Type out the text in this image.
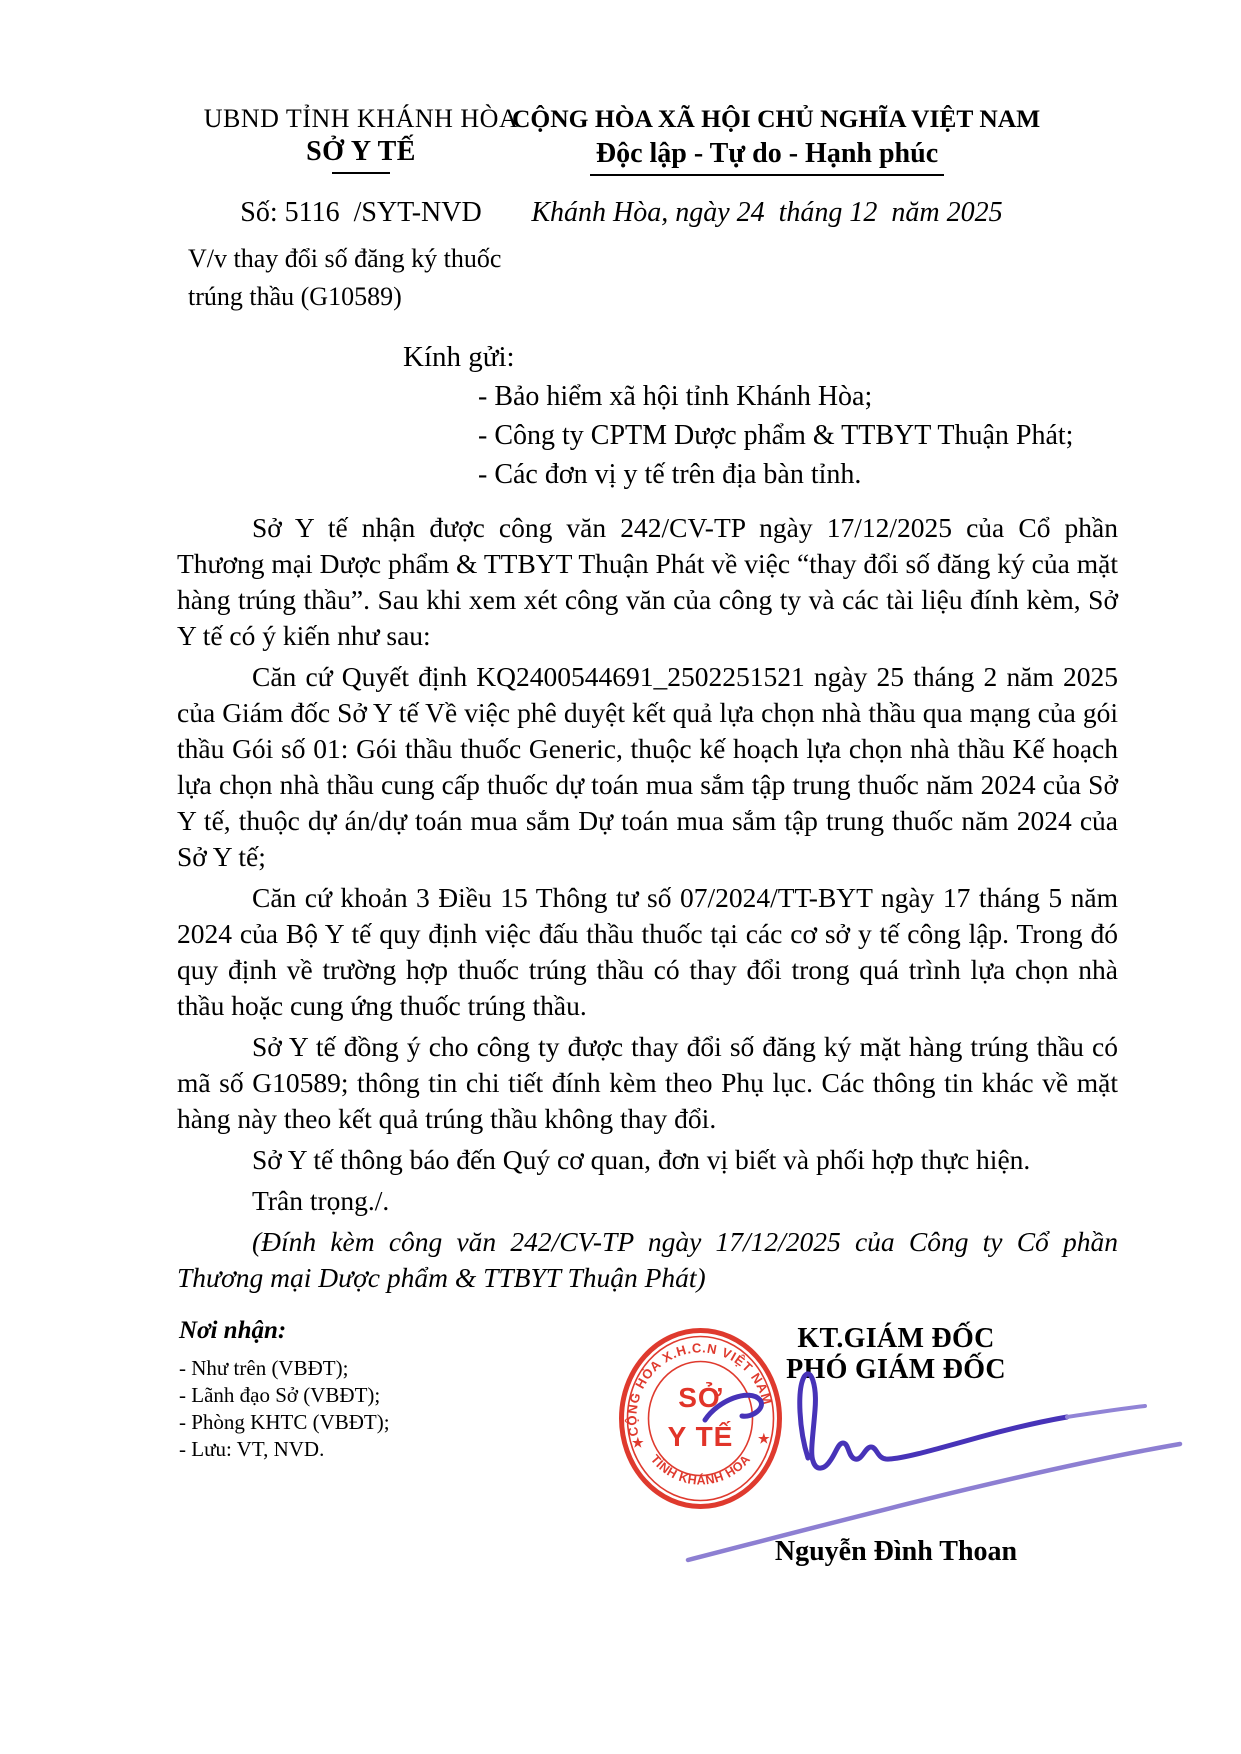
UBND TỈNH KHÁNH HÒA
SỞ Y TẾ
Số: 5116  /SYT-NVD
V/v thay đổi số đăng ký thuốc trúng thầu (G10589)
CỘNG HÒA XÃ HỘI CHỦ NGHĨA VIỆT NAM
Độc lập - Tự do - Hạnh phúc
Khánh Hòa, ngày 24  tháng 12  năm 2025
Kính gửi:
- Bảo hiểm xã hội tỉnh Khánh Hòa;
- Công ty CPTM Dược phẩm & TTBYT Thuận Phát;
- Các đơn vị y tế trên địa bàn tỉnh.

Sở Y tế nhận được công văn 242/CV-TP ngày 17/12/2025 của Cổ phần Thương mại Dược phẩm & TTBYT Thuận Phát về việc “thay đổi số đăng ký của mặt hàng trúng thầu”. Sau khi xem xét công văn của công ty và các tài liệu đính kèm, Sở Y tế có ý kiến như sau:

Căn cứ Quyết định KQ2400544691_2502251521 ngày 25 tháng 2 năm 2025 của Giám đốc Sở Y tế Về việc phê duyệt kết quả lựa chọn nhà thầu qua mạng của gói thầu Gói số 01: Gói thầu thuốc Generic, thuộc kế hoạch lựa chọn nhà thầu Kế hoạch lựa chọn nhà thầu cung cấp thuốc dự toán mua sắm tập trung thuốc năm 2024 của Sở Y tế, thuộc dự án/dự toán mua sắm Dự toán mua sắm tập trung thuốc năm 2024 của Sở Y tế;

Căn cứ khoản 3 Điều 15 Thông tư số 07/2024/TT-BYT ngày 17 tháng 5 năm 2024 của Bộ Y tế quy định việc đấu thầu thuốc tại các cơ sở y tế công lập. Trong đó quy định về trường hợp thuốc trúng thầu có thay đổi trong quá trình lựa chọn nhà thầu hoặc cung ứng thuốc trúng thầu.

Sở Y tế đồng ý cho công ty được thay đổi số đăng ký mặt hàng trúng thầu có mã số G10589; thông tin chi tiết đính kèm theo Phụ lục. Các thông tin khác về mặt hàng này theo kết quả trúng thầu không thay đổi.

Sở Y tế thông báo đến Quý cơ quan, đơn vị biết và phối hợp thực hiện.

Trân trọng./.

(Đính kèm công văn 242/CV-TP ngày 17/12/2025 của Công ty Cổ phần Thương mại Dược phẩm & TTBYT Thuận Phát)

Nơi nhận:
- Như trên (VBĐT);
- Lãnh đạo Sở (VBĐT);
- Phòng KHTC (VBĐT);
- Lưu: VT, NVD.
KT.GIÁM ĐỐC
PHÓ GIÁM ĐỐC
Nguyễn Đình Thoan
CỘNG HÒA X.H.C.N VIỆT NAM
TỈNH KHÁNH HÒA
★	★
SỞ
Y TẾ
